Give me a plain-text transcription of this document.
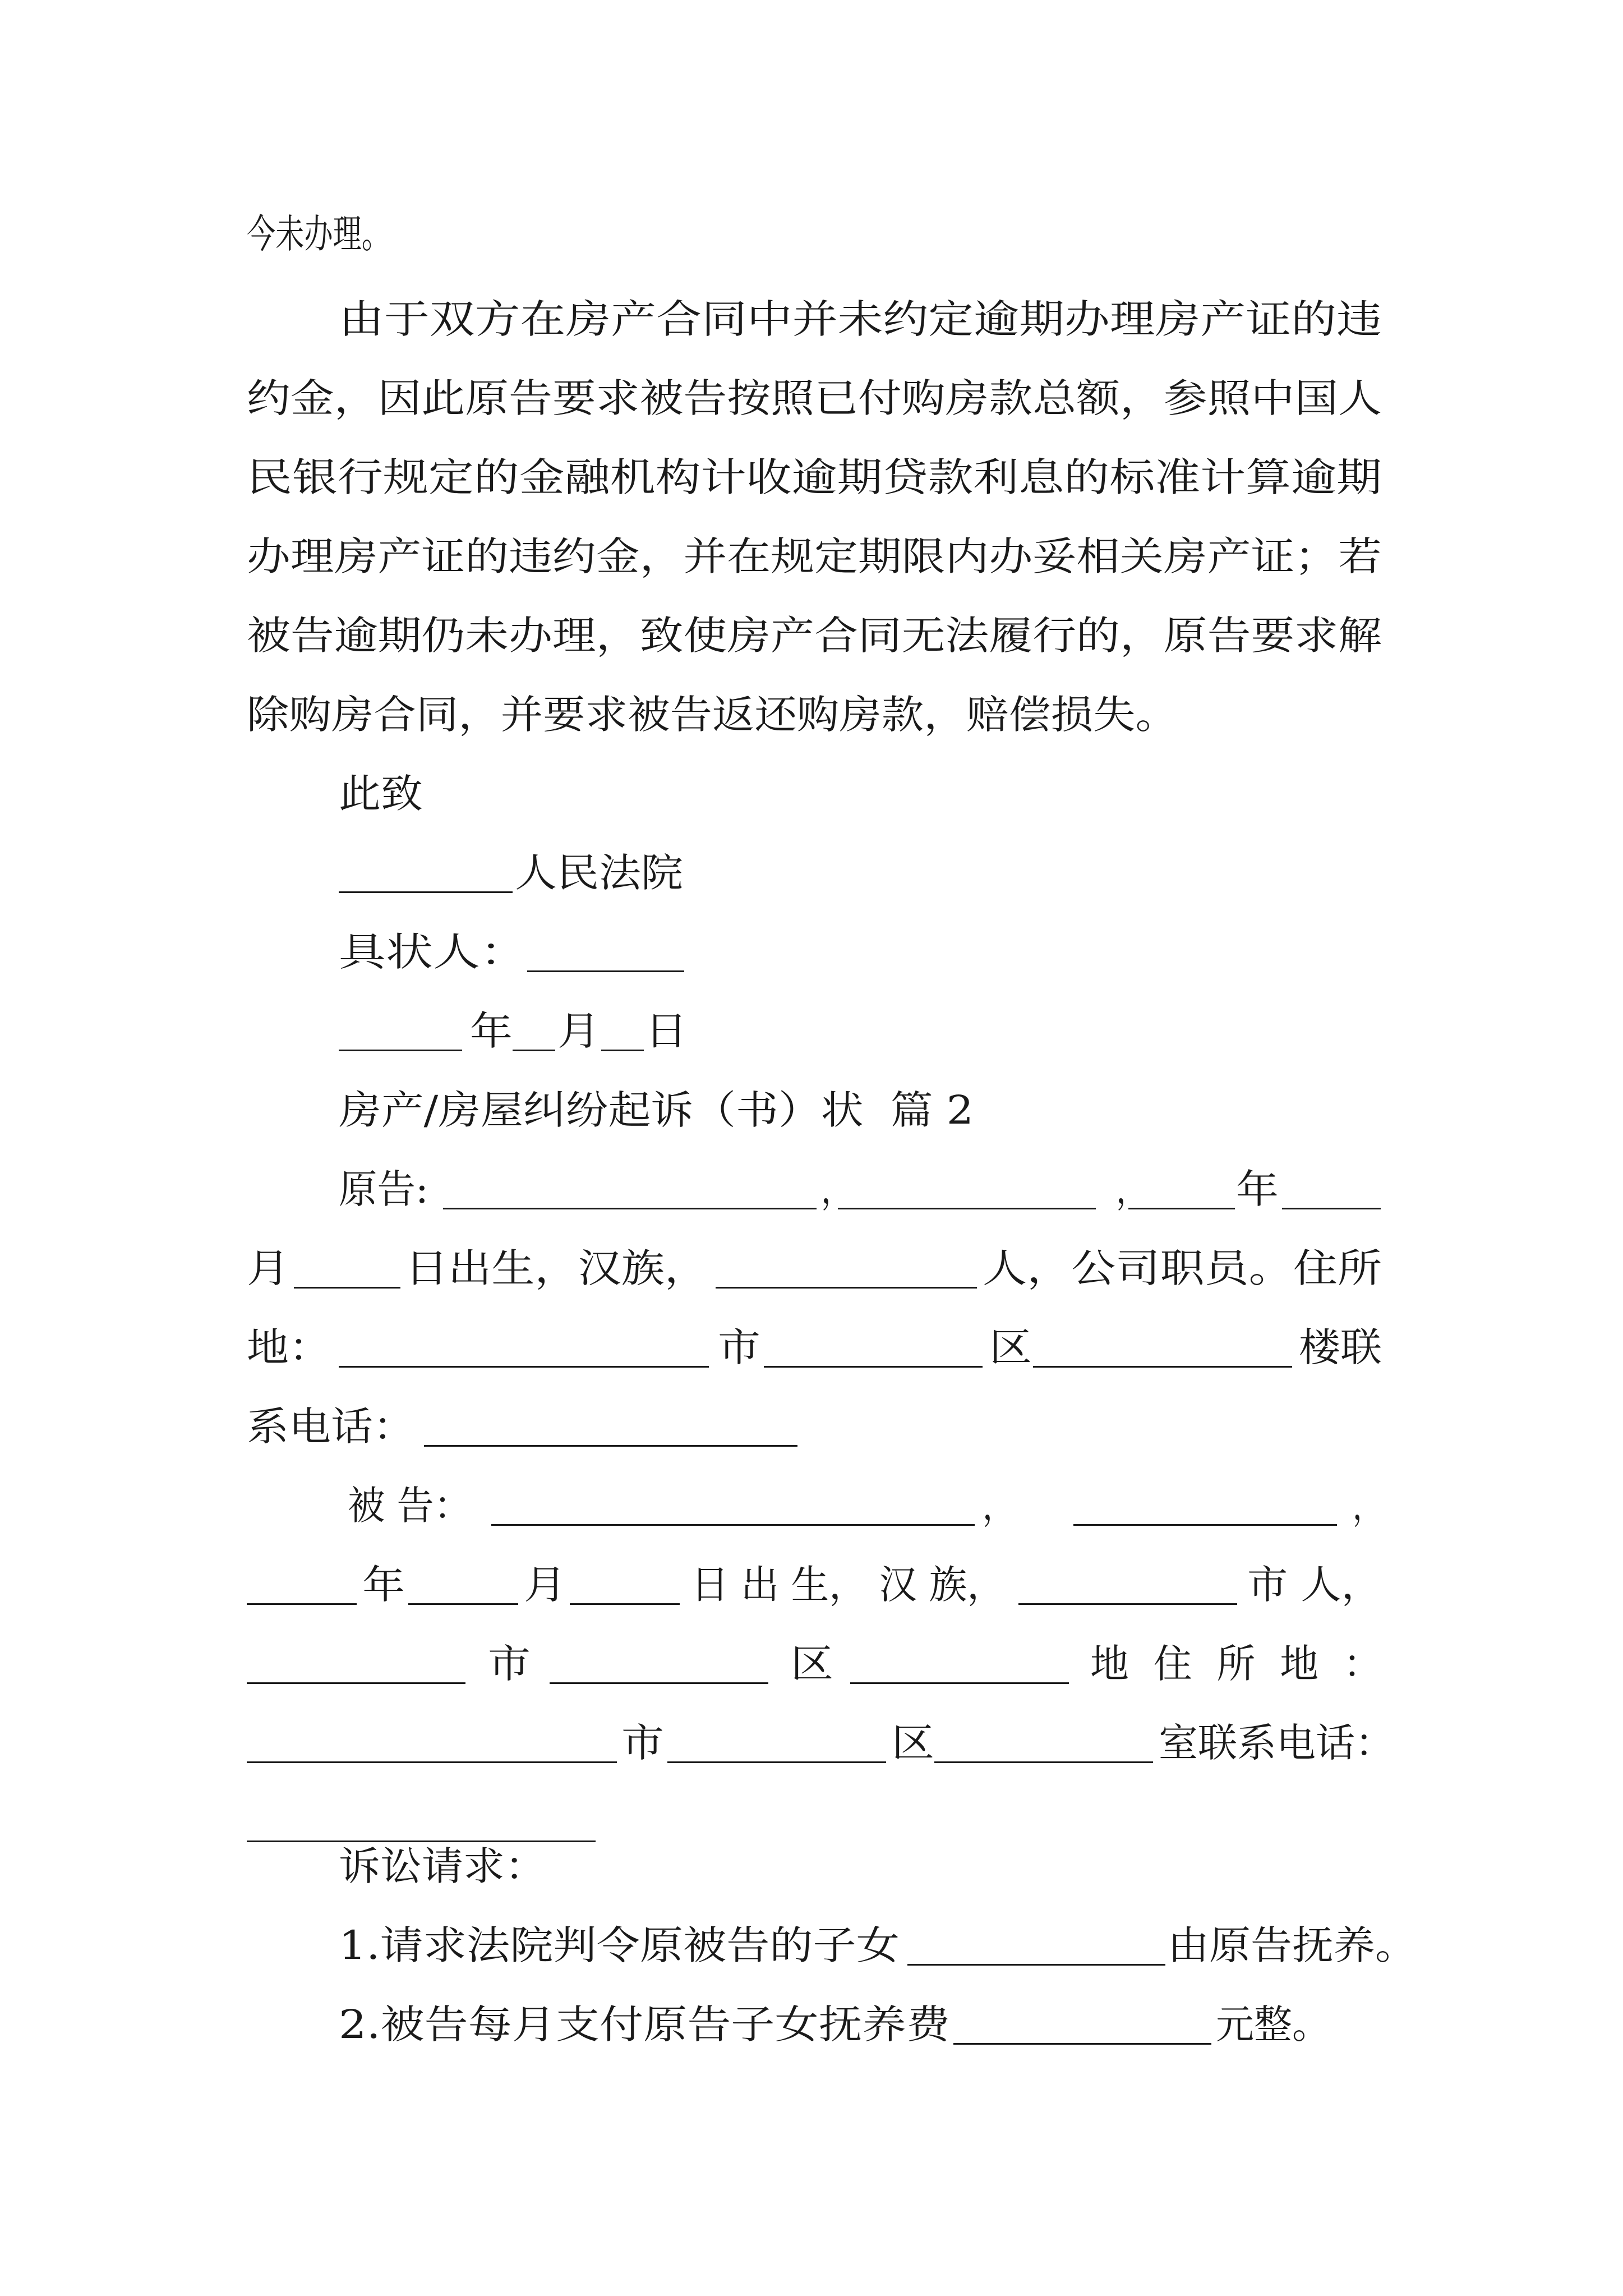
今未办理。
由于双方在房产合同中并未约定逾期办理房产证的违
约金，因此原告要求被告按照已付购房款总额，参照中国人
民银行规定的金融机构计收逾期贷款利息的标准计算逾期
办理房产证的违约金，并在规定期限内办妥相关房产证；若
被告逾期仍未办理，致使房产合同无法履行的，原告要求解
除购房合同，并要求被告返还购房款，赔偿损失。
此致
人民法院
具状人：
年 月 日
房产/房屋纠纷起诉（书）状  篇 2
原告:	，	， 年
月	日出生，汉族，	人，公司职员。住所
地：	市	区	楼联
系电话：
被 告：	，	，
年	月	日 出 生， 汉 族，	市 人，
市	区	地  住  所  地  ：
市	区	室联系电话：
诉讼请求：
1.请求法院判令原被告的子女	由原告抚养。
2.被告每月支付原告子女抚养费	元整。
